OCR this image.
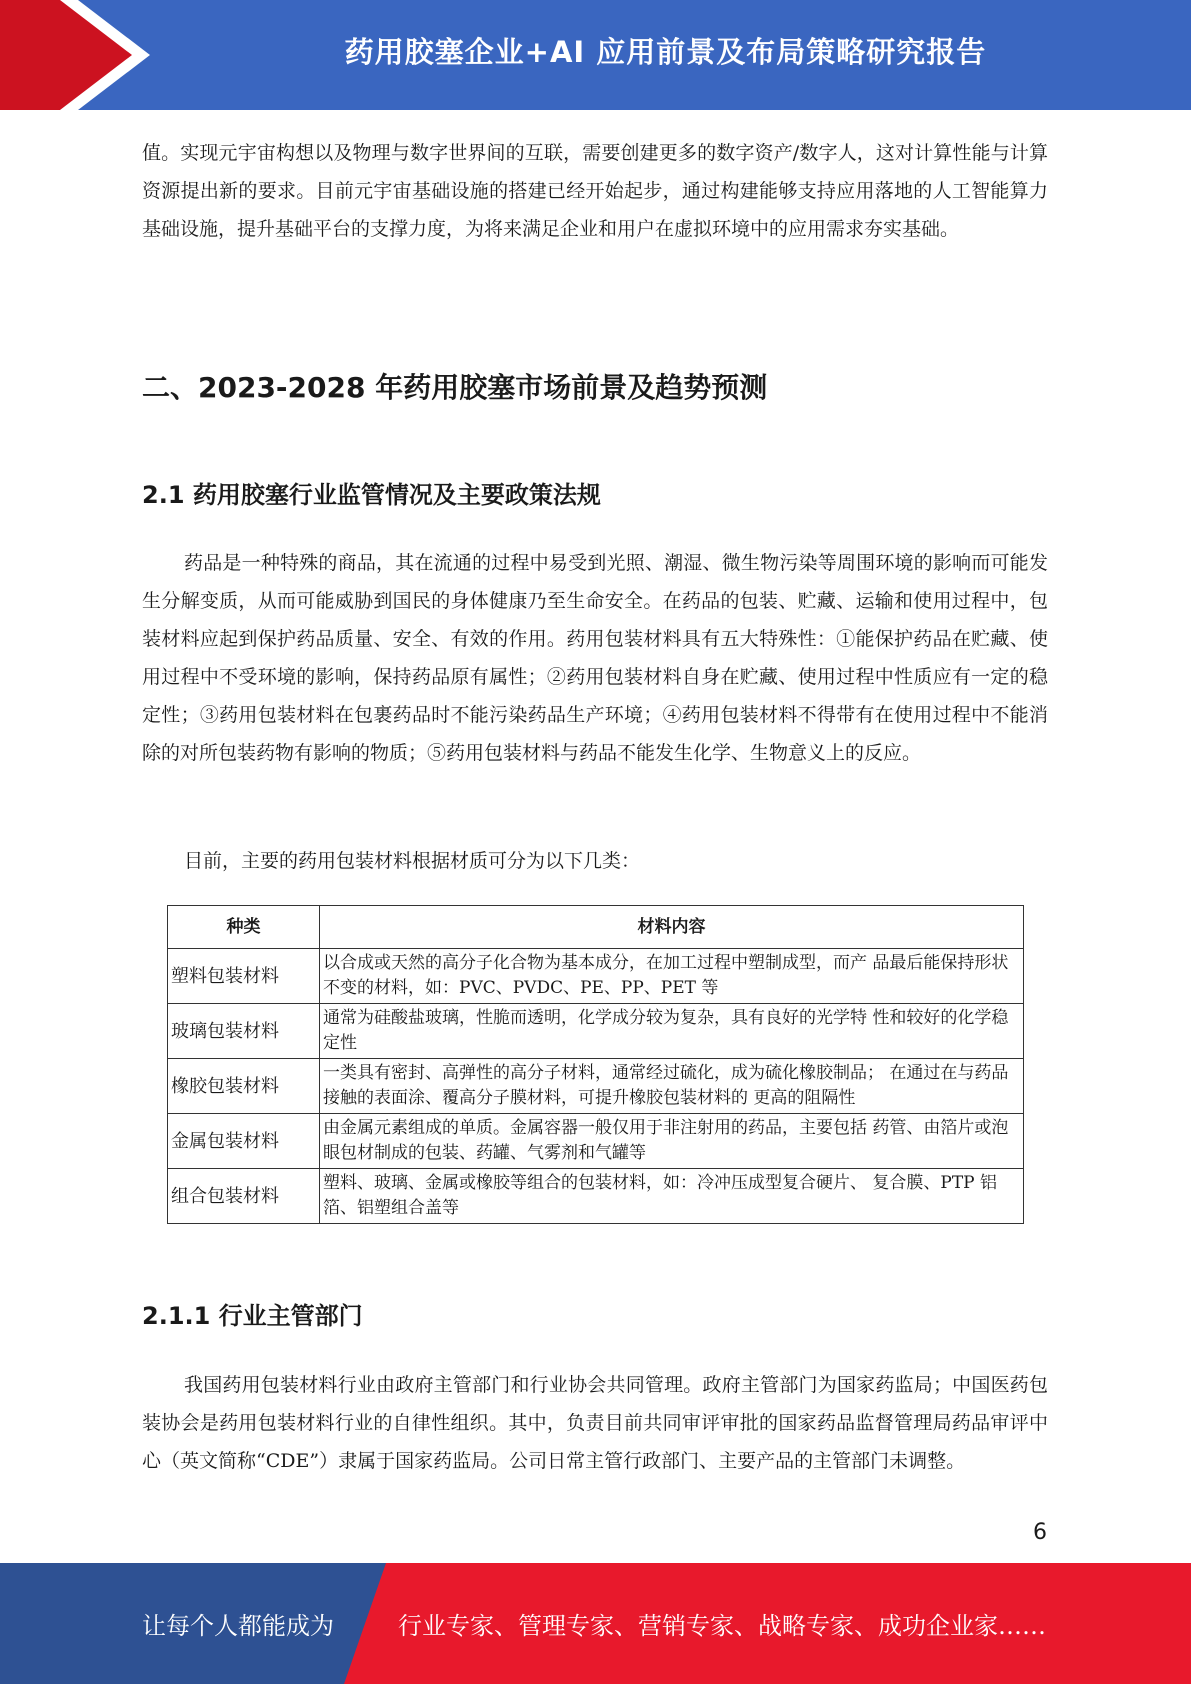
药用胶塞企业+AI 应用前景及布局策略研究报告

值。实现元宇宙构想以及物理与数字世界间的互联，需要创建更多的数字资产/数字人，这对计算性能与计算资源提出新的要求。目前元宇宙基础设施的搭建已经开始起步，通过构建能够支持应用落地的人工智能算力基础设施，提升基础平台的支撑力度，为将来满足企业和用户在虚拟环境中的应用需求夯实基础。

二、2023-2028 年药用胶塞市场前景及趋势预测
2.1 药用胶塞行业监管情况及主要政策法规

药品是一种特殊的商品，其在流通的过程中易受到光照、潮湿、微生物污染等周围环境的影响而可能发生分解变质，从而可能威胁到国民的身体健康乃至生命安全。在药品的包装、贮藏、运输和使用过程中，包装材料应起到保护药品质量、安全、有效的作用。药用包装材料具有五大特殊性：①能保护药品在贮藏、使用过程中不受环境的影响，保持药品原有属性；②药用包装材料自身在贮藏、使用过程中性质应有一定的稳定性；③药用包装材料在包裹药品时不能污染药品生产环境；④药用包装材料不得带有在使用过程中不能消除的对所包装药物有影响的物质；⑤药用包装材料与药品不能发生化学、生物意义上的反应。

目前，主要的药用包装材料根据材质可分为以下几类：

种类	材料内容
塑料包装材料	以合成或天然的高分子化合物为基本成分，在加工过程中塑制成型，而产 品最后能保持形状不变的材料，如：PVC、PVDC、PE、PP、PET 等
玻璃包装材料	通常为硅酸盐玻璃，性脆而透明，化学成分较为复杂，具有良好的光学特 性和较好的化学稳定性
橡胶包装材料	一类具有密封、高弹性的高分子材料，通常经过硫化，成为硫化橡胶制品； 在通过在与药品接触的表面涂、覆高分子膜材料，可提升橡胶包装材料的 更高的阻隔性
金属包装材料	由金属元素组成的单质。金属容器一般仅用于非注射用的药品，主要包括 药管、由箔片或泡眼包材制成的包装、药罐、气雾剂和气罐等
组合包装材料	塑料、玻璃、金属或橡胶等组合的包装材料，如：冷冲压成型复合硬片、 复合膜、PTP 铝箔、铝塑组合盖等
2.1.1 行业主管部门

我国药用包装材料行业由政府主管部门和行业协会共同管理。政府主管部门为国家药监局；中国医药包装协会是药用包装材料行业的自律性组织。其中，负责目前共同审评审批的国家药品监督管理局药品审评中心（英文简称“CDE”）隶属于国家药监局。公司日常主管行政部门、主要产品的主管部门未调整。

6
让每个人都能成为	行业专家、管理专家、营销专家、战略专家、成功企业家……
